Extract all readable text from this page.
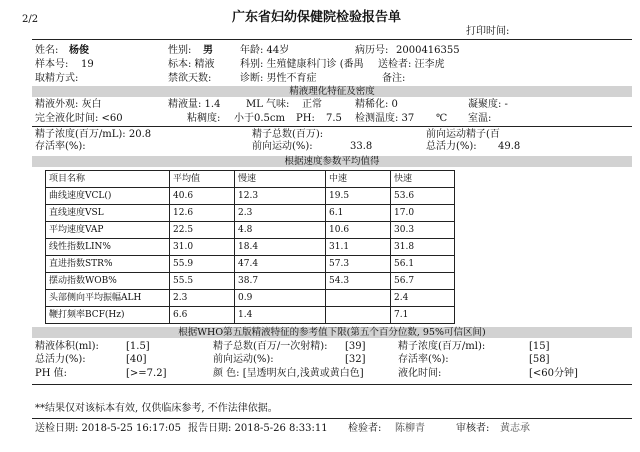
2/2	广东省妇幼保健院检验报告单
打印时间:
姓名: 杨俊	性别: 男	年龄: 44岁	病历号: 2000416355
样本号: 19	标本: 精液	科别: 生殖健康科门诊 (番禺 送检者: 汪李虎
取精方式:	禁欲天数:	诊断: 男性不育症	备注:
精液理化特征及密度
精液外观: 灰白	精液量: 1.4	ML 气味: 正常	精稀化: 0	凝聚度: -
完全液化时间: <60	粘稠度: 小于0.5cm PH: 7.5 检测温度: 37 ℃ 室温:
精子浓度(百万/mL): 20.8	精子总数(百万):	前向运动精子(百
存活率(%):	前向运动(%):	33.8	总活力(%): 49.8
根据速度参数平均值得
项目名称	平均值	慢速	中速	快速
曲线速度VCL()	40.6	12.3	19.5	53.6
直线速度VSL	12.6	2.3	6.1	17.0
平均速度VAP	22.5	4.8	10.6	30.3
线性指数LIN%	31.0	18.4	31.1	31.8
直进指数STR%	55.9	47.4	57.3	56.1
摆动指数WOB%	55.5	38.7	54.3	56.7
头部侧向平均振幅ALH	2.3	0.9		2.4
鞭打频率BCF(Hz)	6.6	1.4		7.1
根据WHO第五版精液特征的参考值下限(第五个百分位数, 95%可信区间)
精液体积(ml):	[1.5]	精子总数(百万/一次射精): [39]	精子浓度(百万/ml):	[15]
总活力(%):	[40]	前向运动(%):	[32]	存活率(%):	[58]
PH 值:	[>=7.2]	颜 色: [呈透明灰白,浅黄或黄白色]	液化时间:	[<60分钟]
**结果仅对该标本有效, 仅供临床参考, 不作法律依据。
送检日期: 2018-5-25 16:17:05 报告日期: 2018-5-26 8:33:11 检验者: 陈柳青	审核者: 黄志承
